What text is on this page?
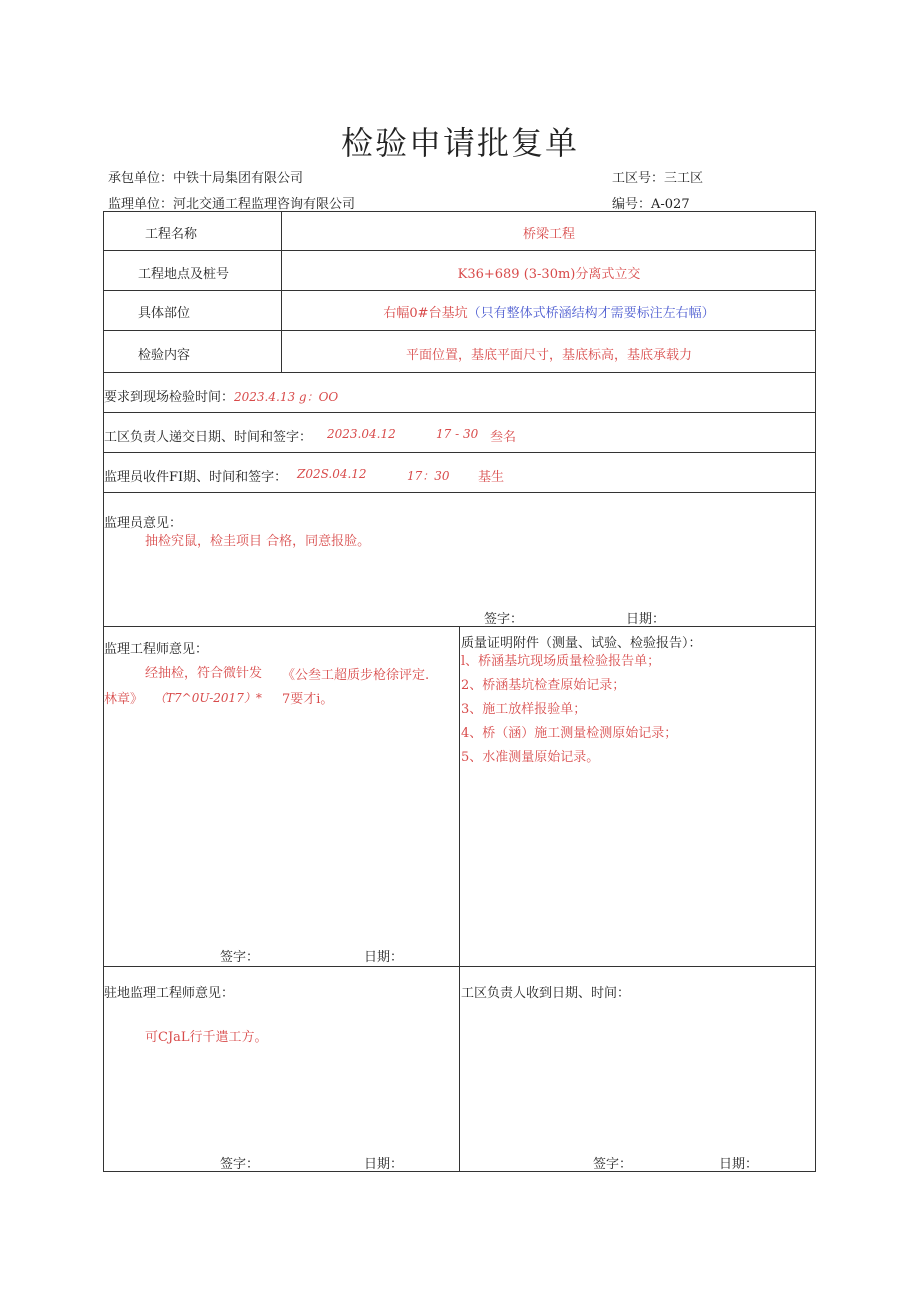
检验申请批复单
承包单位：中铁十局集团有限公司	工区号：三工区
监理单位：河北交通工程监理咨询有限公司	编号：A-027
工程名称	桥梁工程
工程地点及桩号	K36+689 (3-30m)分离式立交
具体部位	右幅0#台基坑（只有整体式桥涵结构才需要标注左右幅）
检验内容	平面位置，基底平面尺寸，基底标高，基底承载力
要求到现场检验时间：2023.4.13 g：OO
工区负责人递交日期、时间和签字： 2023.04.12	17 - 30 叁名
监理员收件FI期、时间和签字： Z02S.04.12	17：30 基生
监理员意见：
抽检究鼠，检圭项目 合格，同意报脸。
签字：	日期：
监理工程师意见：
经抽检，符合微针发 《公叁工超质步枪徐评定.
林章》 （T7^0U-2017）* 7要才i。
签字：	日期：
质量证明附件（测量、试验、检验报告）：
l、桥涵基坑现场质量检验报告单；
2、桥涵基坑检查原始记录；
3、施工放样报验单；
4、桥（涵）施工测量检测原始记录；
5、水准测量原始记录。
驻地监理工程师意见：
可CJaL行千遣工方。
签字：	日期：
工区负责人收到日期、时间：
签字：	日期：
